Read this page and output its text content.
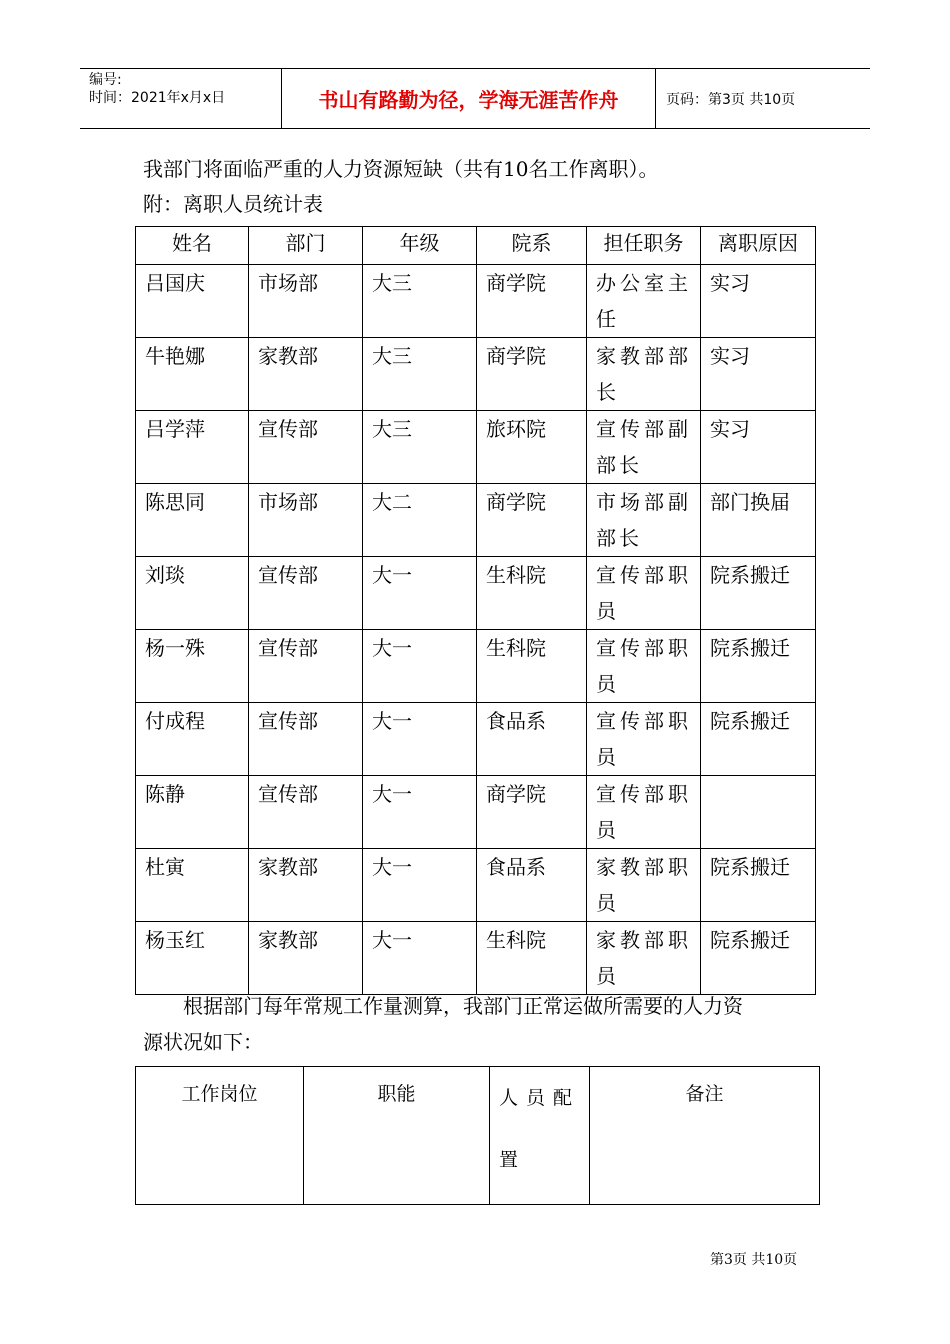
编号:
时间：2021年x月x日	书山有路勤为径，学海无涯苦作舟	页码：第3页 共10页
我部门将面临严重的人力资源短缺（共有10名工作离职）。
附：离职人员统计表
姓名	部门	年级	院系	担任职务	离职原因
吕国庆	市场部	大三	商学院	办公室主任	实习
牛艳娜	家教部	大三	商学院	家教部部长	实习
吕学萍	宣传部	大三	旅环院	宣传部副部长	实习
陈思同	市场部	大二	商学院	市场部副部长	部门换届
刘琰	宣传部	大一	生科院	宣传部职员	院系搬迁
杨一殊	宣传部	大一	生科院	宣传部职员	院系搬迁
付成程	宣传部	大一	食品系	宣传部职员	院系搬迁
陈静	宣传部	大一	商学院	宣传部职员	
杜寅	家教部	大一	食品系	家教部职员	院系搬迁
杨玉红	家教部	大一	生科院	家教部职员	院系搬迁
根据部门每年常规工作量测算，我部门正常运做所需要的人力资
源状况如下：
工作岗位	职能	人员配置	备注
第3页 共10页
